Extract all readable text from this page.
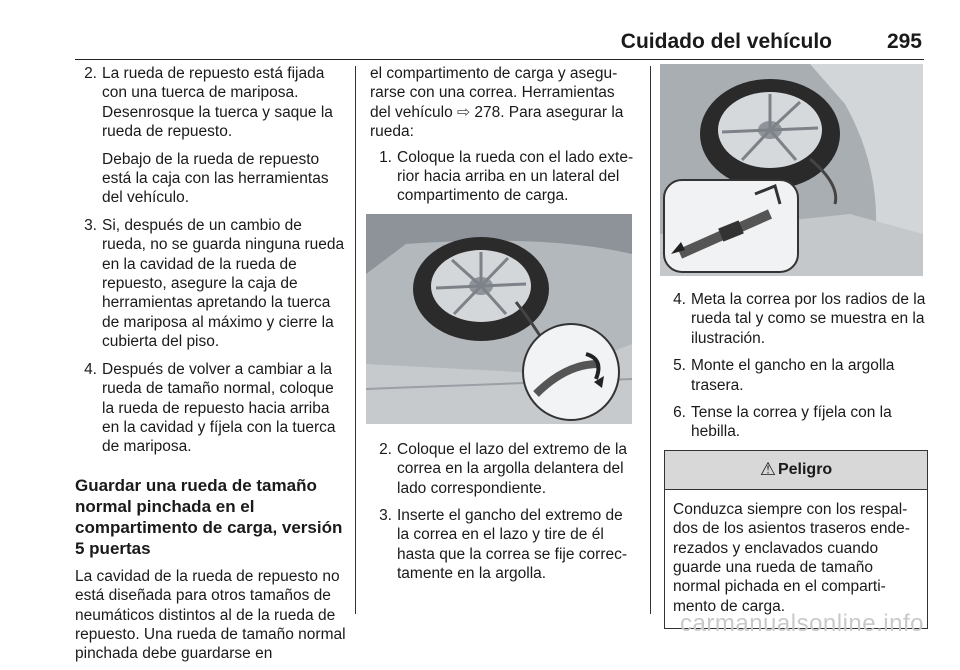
Cuidado del vehículo	295
2. La rueda de repuesto está fijada con una tuerca de mariposa. Desenrosque la tuerca y saque la rueda de repuesto.
Debajo de la rueda de repuesto está la caja con las herramientas del vehículo.
3. Si, después de un cambio de rueda, no se guarda ninguna rueda en la cavidad de la rueda de repuesto, asegure la caja de herramientas apretando la tuerca de mariposa al máximo y cierre la cubierta del piso.
4. Después de volver a cambiar a la rueda de tamaño normal, coloque la rueda de repuesto hacia arriba en la cavidad y fíjela con la tuerca de mariposa.
Guardar una rueda de tamaño normal pinchada en el compartimento de carga, versión 5 puertas

La cavidad de la rueda de repuesto no está diseñada para otros tamaños de neumáticos distintos al de la rueda de repuesto. Una rueda de tamaño normal pinchada debe guardarse en

el compartimento de carga y asegurarse con una correa. Herramientas del vehículo ⇨ 278. Para asegurar la rueda:

1. Coloque la rueda con el lado exterior hacia arriba en un lateral del compartimento de carga.
2. Coloque el lazo del extremo de la correa en la argolla delantera del lado correspondiente.
3. Inserte el gancho del extremo de la correa en el lazo y tire de él hasta que la correa se fije correctamente en la argolla.
4. Meta la correa por los radios de la rueda tal y como se muestra en la ilustración.
5. Monte el gancho en la argolla trasera.
6. Tense la correa y fíjela con la hebilla.
⚠ Peligro
Conduzca siempre con los respaldos de los asientos traseros enderezados y enclavados cuando guarde una rueda de tamaño normal pichada en el compartimento de carga.
carmanualsonline.info
